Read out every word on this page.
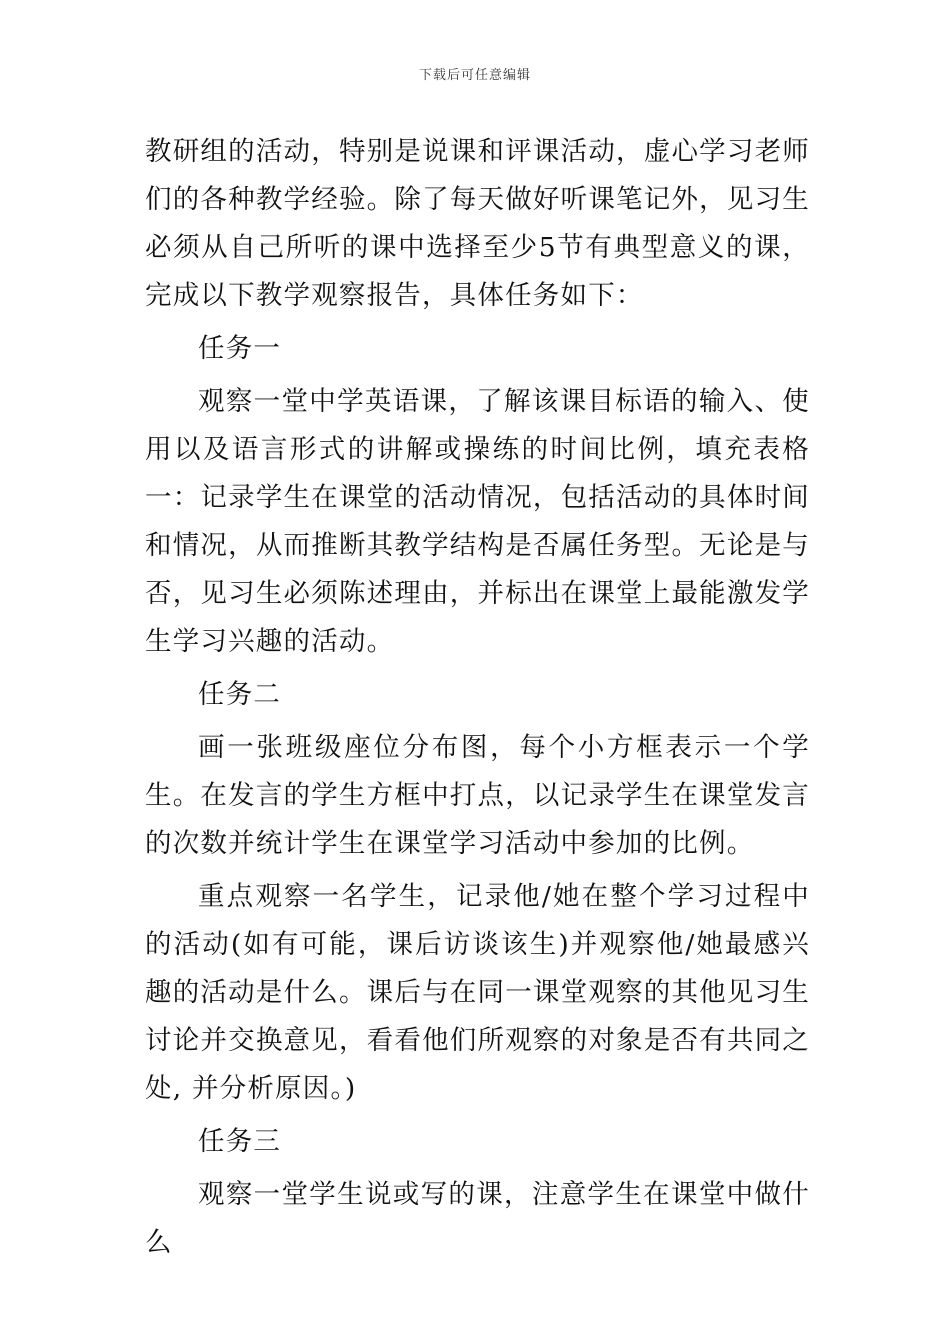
下载后可任意编辑

教研组的活动，特别是说课和评课活动，虚心学习老师们的各种教学经验。除了每天做好听课笔记外，见习生必须从自己所听的课中选择至少5节有典型意义的课，完成以下教学观察报告，具体任务如下：

任务一

观察一堂中学英语课，了解该课目标语的输入、使用以及语言形式的讲解或操练的时间比例，填充表格一：记录学生在课堂的活动情况，包括活动的具体时间和情况，从而推断其教学结构是否属任务型。无论是与否，见习生必须陈述理由，并标出在课堂上最能激发学生学习兴趣的活动。

任务二

画一张班级座位分布图，每个小方框表示一个学生。在发言的学生方框中打点，以记录学生在课堂发言的次数并统计学生在课堂学习活动中参加的比例。

重点观察一名学生，记录他/她在整个学习过程中的活动(如有可能，课后访谈该生)并观察他/她最感兴趣的活动是什么。课后与在同一课堂观察的其他见习生讨论并交换意见，看看他们所观察的对象是否有共同之处, 并分析原因。)

任务三

观察一堂学生说或写的课，注意学生在课堂中做什么
